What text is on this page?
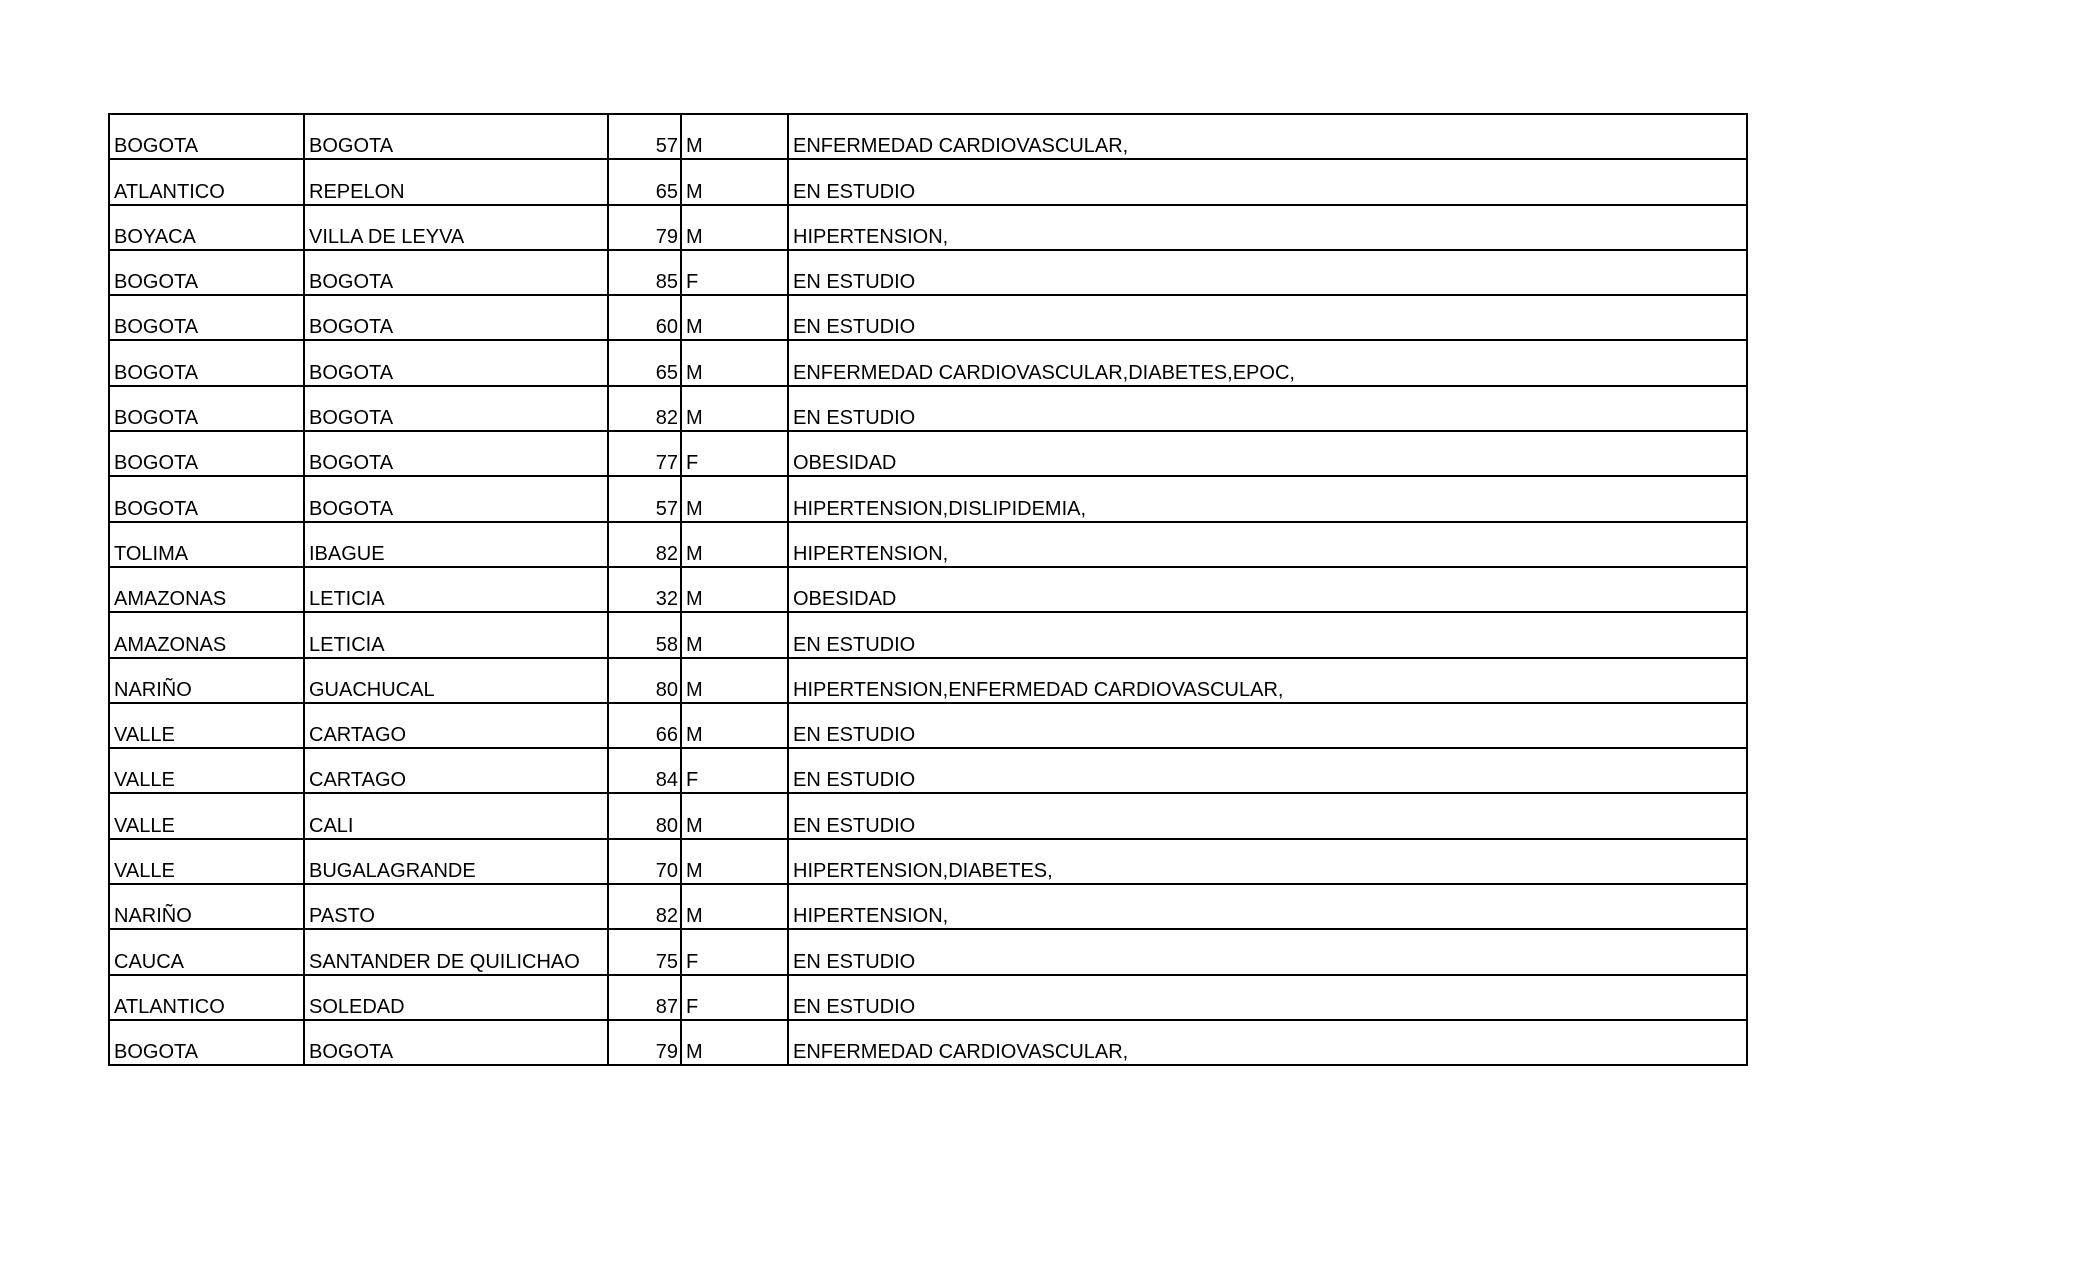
BOGOTA	BOGOTA	57	M	ENFERMEDAD CARDIOVASCULAR,
ATLANTICO	REPELON	65	M	EN ESTUDIO
BOYACA	VILLA DE LEYVA	79	M	HIPERTENSION,
BOGOTA	BOGOTA	85	F	EN ESTUDIO
BOGOTA	BOGOTA	60	M	EN ESTUDIO
BOGOTA	BOGOTA	65	M	ENFERMEDAD CARDIOVASCULAR,DIABETES,EPOC,
BOGOTA	BOGOTA	82	M	EN ESTUDIO
BOGOTA	BOGOTA	77	F	OBESIDAD
BOGOTA	BOGOTA	57	M	HIPERTENSION,DISLIPIDEMIA,
TOLIMA	IBAGUE	82	M	HIPERTENSION,
AMAZONAS	LETICIA	32	M	OBESIDAD
AMAZONAS	LETICIA	58	M	EN ESTUDIO
NARIÑO	GUACHUCAL	80	M	HIPERTENSION,ENFERMEDAD CARDIOVASCULAR,
VALLE	CARTAGO	66	M	EN ESTUDIO
VALLE	CARTAGO	84	F	EN ESTUDIO
VALLE	CALI	80	M	EN ESTUDIO
VALLE	BUGALAGRANDE	70	M	HIPERTENSION,DIABETES,
NARIÑO	PASTO	82	M	HIPERTENSION,
CAUCA	SANTANDER DE QUILICHAO	75	F	EN ESTUDIO
ATLANTICO	SOLEDAD	87	F	EN ESTUDIO
BOGOTA	BOGOTA	79	M	ENFERMEDAD CARDIOVASCULAR,
